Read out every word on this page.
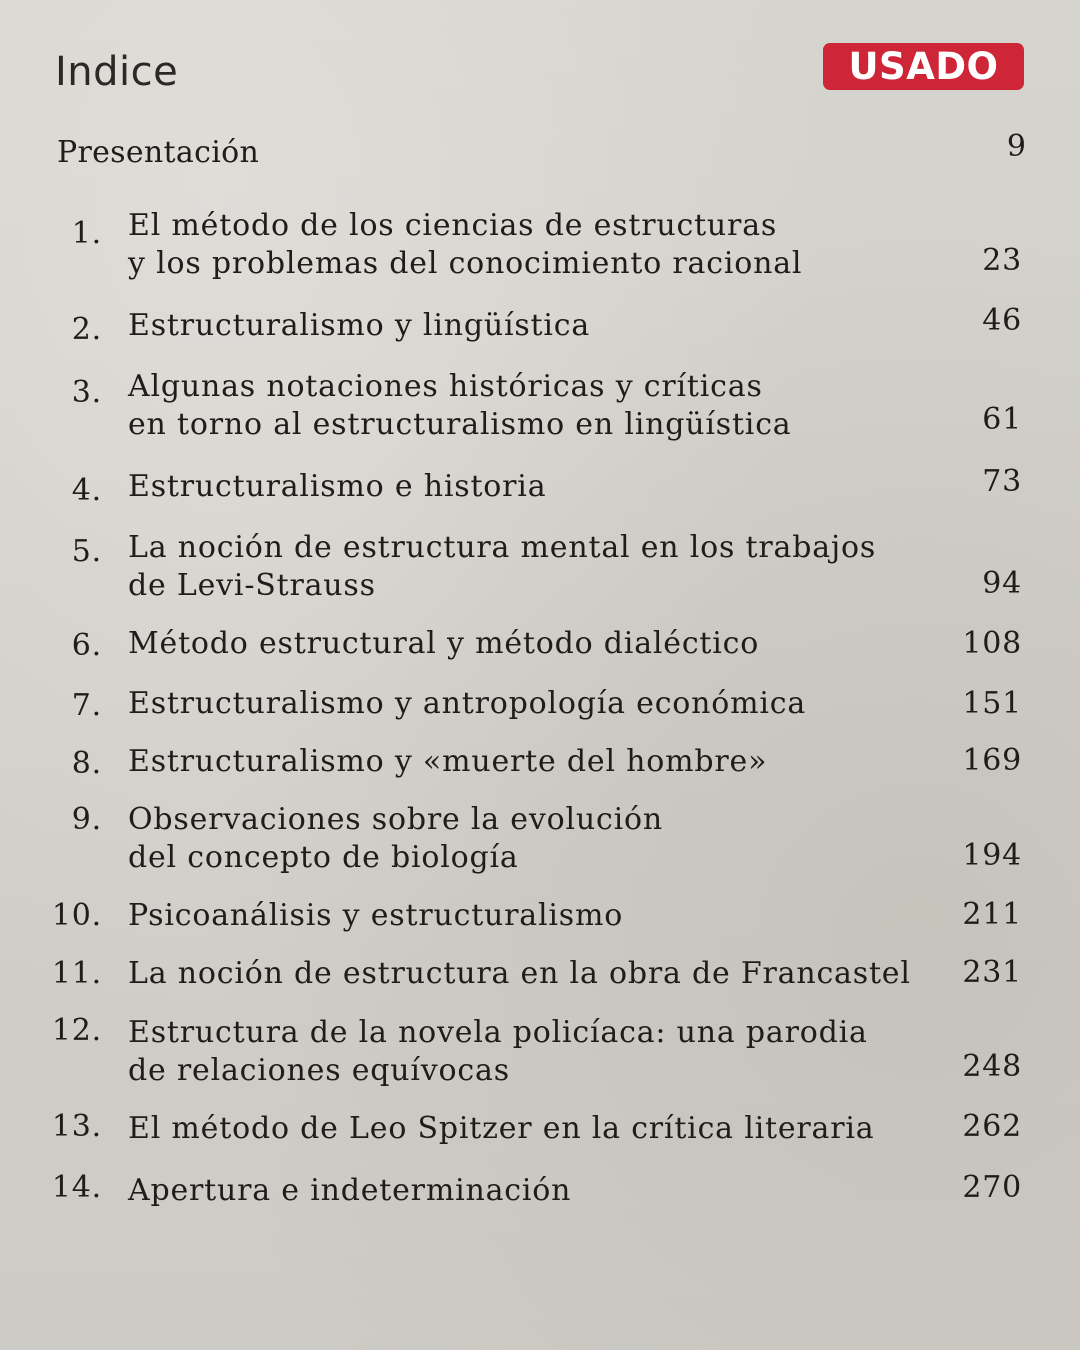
Indice	USADO
Presentación	9
1. El método de los ciencias de estructuras
y los problemas del conocimiento racional	23
2. Estructuralismo y lingüística	46
3. Algunas notaciones históricas y críticas
en torno al estructuralismo en lingüística	61
4. Estructuralismo e historia	73
5. La noción de estructura mental en los trabajos
de Levi-Strauss	94
6. Método estructural y método dialéctico	108
7. Estructuralismo y antropología económica	151
8. Estructuralismo y «muerte del hombre»	169
9. Observaciones sobre la evolución
del concepto de biología	194
10. Psicoanálisis y estructuralismo	211
11. La noción de estructura en la obra de Francastel	231
12. Estructura de la novela policíaca: una parodia
de relaciones equívocas	248
13. El método de Leo Spitzer en la crítica literaria	262
14. Apertura e indeterminación	270
